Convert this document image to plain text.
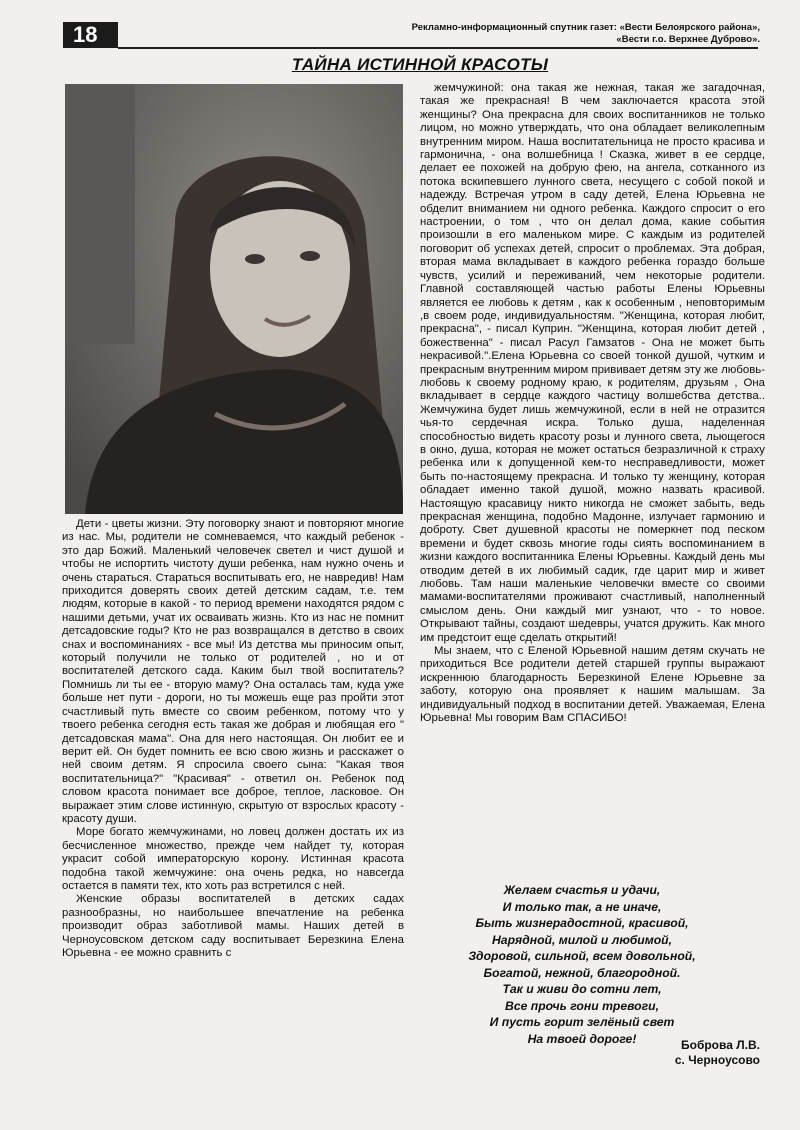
18	Рекламно-информационный спутник газет: «Вести Белоярского района»,
«Вести г.о. Верхнее Дуброво».
ТАЙНА ИСТИННОЙ КРАСОТЫ

Дети - цветы жизни. Эту поговорку знают и повторяют многие из нас. Мы, родители не сомневаемся, что каждый ребенок - это дар Божий. Маленький человечек светел и чист душой и чтобы не испортить чистоту души ребенка, нам нужно очень и очень стараться. Стараться воспитывать его, не навредив! Нам приходится доверять своих детей детским садам, т.е. тем людям, которые в какой - то период времени находятся рядом с нашими детьми, учат их осваивать жизнь. Кто из нас не помнит детсадовские годы? Кто не раз возвращался в детство в своих снах и воспоминаниях - все мы! Из детства мы приносим опыт, который получили не только от родителей , но и от воспитателей детского сада. Каким был твой воспитатель? Помнишь ли ты ее - вторую маму? Она осталась там, куда уже больше нет пути - дороги, но ты можешь еще раз пройти этот счастливый путь вместе со своим ребенком, потому что у твоего ребенка сегодня есть такая же добрая и любящая его " детсадовская мама". Она для него настоящая. Он любит ее и верит ей. Он будет помнить ее всю свою жизнь и расскажет о ней своим детям. Я спросила своего сына: "Какая твоя воспитательница?" "Красивая" - ответил он. Ребенок под словом красота понимает все доброе, теплое, ласковое. Он выражает этим слове истинную, скрытую от взрослых красоту - красоту души.

Море богато жемчужинами, но ловец должен достать их из бесчисленное множество, прежде чем найдет ту, которая украсит собой императорскую корону. Истинная красота подобна такой жемчужине: она очень редка, но навсегда остается в памяти тех, кто хоть раз встретился с ней.

Женские образы воспитателей в детских садах разнообразны, но наибольшее впечатление на ребенка производит образ заботливой мамы. Наших детей в Черноусовском детском саду воспитывает Березкина Елена Юрьевна - ее можно сравнить с

жемчужиной: она такая же нежная, такая же загадочная, такая же прекрасная! В чем заключается красота этой женщины? Она прекрасна для своих воспитанников не только лицом, но можно утверждать, что она обладает великолепным внутренним миром. Наша воспитательница не просто красива и гармонична, - она волшебница ! Сказка, живет в ее сердце, делает ее похожей на добрую фею, на ангела, сотканного из потока вскипевшего лунного света, несущего с собой покой и надежду. Встречая утром в саду детей, Елена Юрьевна не обделит вниманием ни одного ребенка. Каждого спросит о его настроении, о том , что он делал дома, какие события произошли в его маленьком мире. С каждым из родителей поговорит об успехах детей, спросит о проблемах. Эта добрая, вторая мама вкладывает в каждого ребенка гораздо больше чувств, усилий и переживаний, чем некоторые родители. Главной составляющей частью работы Елены Юрьевны является ее любовь к детям , как к особенным , неповторимым ,в своем роде, индивидуальностям. "Женщина, которая любит, прекрасна", - писал Куприн. "Женщина, которая любит детей , божественна" - писал Расул Гамзатов - Она не может быть некрасивой.".Елена Юрьевна со своей тонкой душой, чутким и прекрасным внутренним миром прививает детям эту же любовь- любовь к своему родному краю, к родителям, друзьям , Она вкладывает в сердце каждого частицу волшебства детства.. Жемчужина будет лишь жемчужиной, если в ней не отразится чья-то сердечная искра. Только душа, наделенная способностью видеть красоту розы и лунного света, льющегося в окно, душа, которая не может остаться безразличной к страху ребенка или к допущенной кем-то несправедливости, может быть по-настоящему прекрасна. И только ту женщину, которая обладает именно такой душой, можно назвать красивой. Настоящую красавицу никто никогда не сможет забыть, ведь прекрасная женщина, подобно Мадонне, излучает гармонию и доброту. Свет душевной красоты не померкнет под песком времени и будет сквозь многие годы сиять воспоминанием в жизни каждого воспитанника Елены Юрьевны. Каждый день мы отводим детей в их любимый садик, где царит мир и живет любовь. Там наши маленькие человечки вместе со своими мамами-воспитателями проживают счастливый, наполненный смыслом день. Они каждый миг узнают, что - то новое. Открывают тайны, создают шедевры, учатся дружить. Как много им предстоит еще сделать открытий!

Мы знаем, что с Еленой Юрьевной нашим детям скучать не приходиться Все родители детей старшей группы выражают искреннюю благодарность Березкиной Елене Юрьевне за заботу, которую она проявляет к нашим малышам. За индивидуальный подход в воспитании детей. Уважаемая, Елена Юрьевна! Мы говорим Вам СПАСИБО!

Желаем счастья и удачи,
И только так, а не иначе,
Быть жизнерадостной, красивой,
Нарядной, милой и любимой,
Здоровой, сильной, всем довольной,
Богатой, нежной, благородной.
Так и живи до сотни лет,
Все прочь гони тревоги,
И пусть горит зелёный свет
На твоей дороге!	Боброва Л.В.
с. Черноусово
